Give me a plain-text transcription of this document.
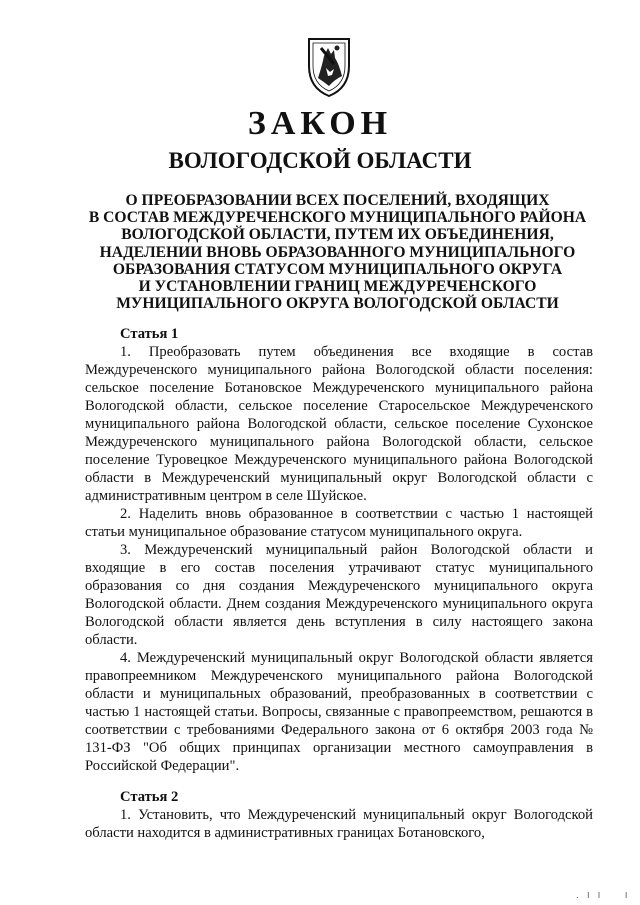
ЗАКОН
ВОЛОГОДСКОЙ ОБЛАСТИ
О ПРЕОБРАЗОВАНИИ ВСЕХ ПОСЕЛЕНИЙ, ВХОДЯЩИХ
В СОСТАВ МЕЖДУРЕЧЕНСКОГО МУНИЦИПАЛЬНОГО РАЙОНА
ВОЛОГОДСКОЙ ОБЛАСТИ, ПУТЕМ ИХ ОБЪЕДИНЕНИЯ,
НАДЕЛЕНИИ ВНОВЬ ОБРАЗОВАННОГО МУНИЦИПАЛЬНОГО
ОБРАЗОВАНИЯ СТАТУСОМ МУНИЦИПАЛЬНОГО ОКРУГА
И УСТАНОВЛЕНИИ ГРАНИЦ МЕЖДУРЕЧЕНСКОГО
МУНИЦИПАЛЬНОГО ОКРУГА ВОЛОГОДСКОЙ ОБЛАСТИ
Статья 1

1. Преобразовать путем объединения все входящие в состав Междуреченского муниципального района Вологодской области поселения: сельское поселение Ботановское Междуреченского муниципального района Вологодской области, сельское поселение Старосельское Междуреченского муниципального района Вологодской области, сельское поселение Сухонское Междуреченского муниципального района Вологодской области, сельское поселение Туровецкое Междуреченского муниципального района Вологодской области в Междуреченский муниципальный округ Вологодской области с административным центром в селе Шуйское.

2. Наделить вновь образованное в соответствии с частью 1 настоящей статьи муниципальное образование статусом муниципального округа.

3. Междуреченский муниципальный район Вологодской области и входящие в его состав поселения утрачивают статус муниципального образования со дня создания Междуреченского муниципального округа Вологодской области. Днем создания Междуреченского муниципального округа Вологодской области является день вступления в силу настоящего закона области.

4. Междуреченский муниципальный округ Вологодской области является правопреемником Междуреченского муниципального района Вологодской области и муниципальных образований, преобразованных в соответствии с частью 1 настоящей статьи. Вопросы, связанные с правопреемством, решаются в соответствии с требованиями Федерального закона от 6 октября 2003 года № 131-ФЗ "Об общих принципах организации местного самоуправления в Российской Федерации".

Статья 2

1. Установить, что Междуреченский муниципальный округ Вологодской области находится в административных границах Ботановского,

. l l	l
